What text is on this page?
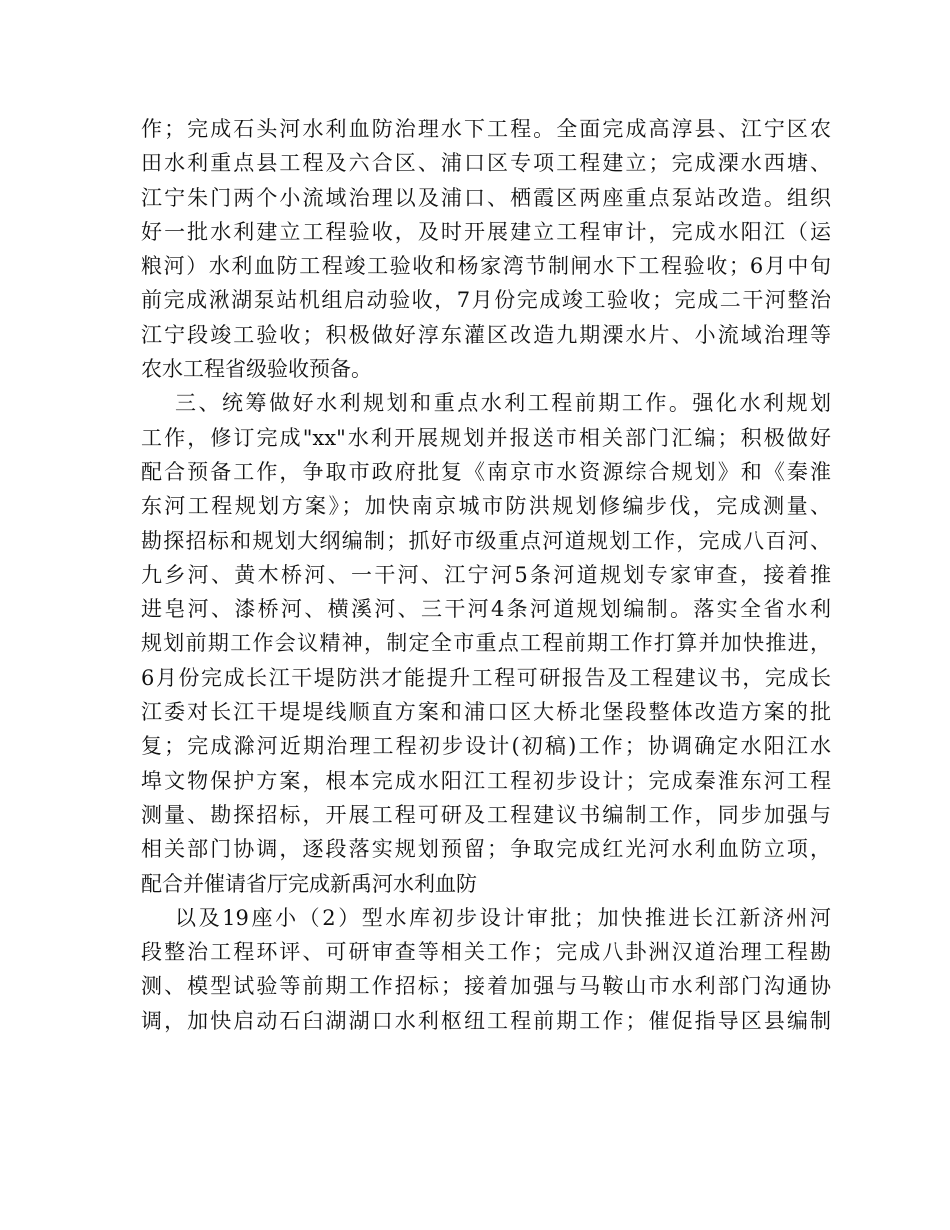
作；完成石头河水利血防治理水下工程。全面完成高淳县、江宁区农
田水利重点县工程及六合区、浦口区专项工程建立；完成溧水西塘、
江宁朱门两个小流域治理以及浦口、栖霞区两座重点泵站改造。组织
好一批水利建立工程验收，及时开展建立工程审计，完成水阳江（运
粮河）水利血防工程竣工验收和杨家湾节制闸水下工程验收；6月中旬
前完成湫湖泵站机组启动验收，7月份完成竣工验收；完成二干河整治
江宁段竣工验收；积极做好淳东灌区改造九期溧水片、小流域治理等
农水工程省级验收预备。
三、统筹做好水利规划和重点水利工程前期工作。强化水利规划
工作，修订完成"xx"水利开展规划并报送市相关部门汇编；积极做好
配合预备工作，争取市政府批复《南京市水资源综合规划》和《秦淮
东河工程规划方案》；加快南京城市防洪规划修编步伐，完成测量、
勘探招标和规划大纲编制；抓好市级重点河道规划工作，完成八百河、
九乡河、黄木桥河、一干河、江宁河5条河道规划专家审查，接着推
进皂河、漆桥河、横溪河、三干河4条河道规划编制。落实全省水利
规划前期工作会议精神，制定全市重点工程前期工作打算并加快推进，
6月份完成长江干堤防洪才能提升工程可研报告及工程建议书，完成长
江委对长江干堤堤线顺直方案和浦口区大桥北堡段整体改造方案的批
复；完成滁河近期治理工程初步设计(初稿)工作；协调确定水阳江水
埠文物保护方案，根本完成水阳江工程初步设计；完成秦淮东河工程
测量、勘探招标，开展工程可研及工程建议书编制工作，同步加强与
相关部门协调，逐段落实规划预留；争取完成红光河水利血防立项，
配合并催请省厅完成新禹河水利血防
以及19座小（2）型水库初步设计审批；加快推进长江新济州河
段整治工程环评、可研审查等相关工作；完成八卦洲汉道治理工程勘
测、模型试验等前期工作招标；接着加强与马鞍山市水利部门沟通协
调，加快启动石臼湖湖口水利枢纽工程前期工作；催促指导区县编制
